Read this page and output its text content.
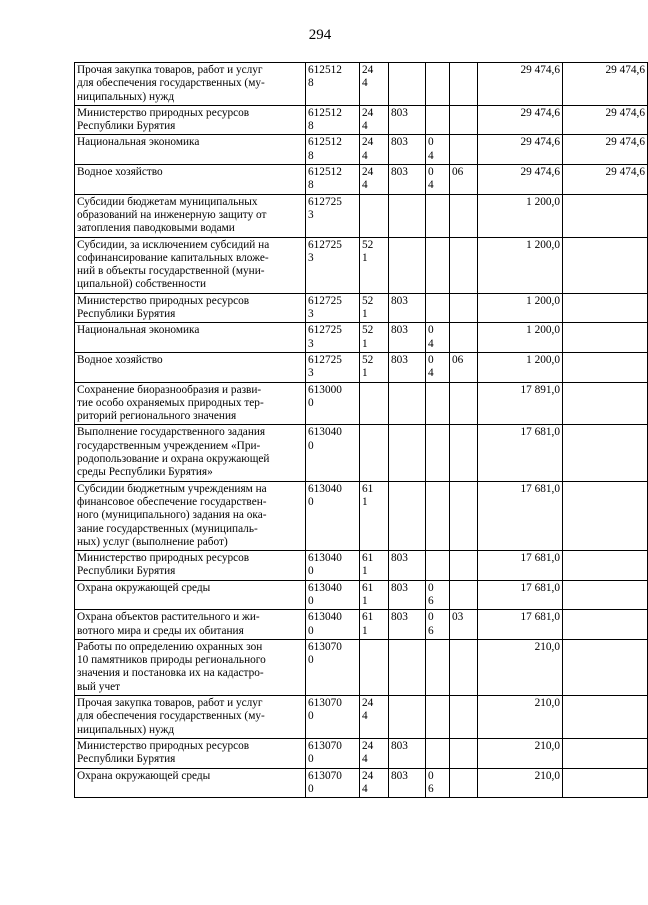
294
Прочая закупка товаров, работ и услуг
для обеспечения государственных (му-
ниципальных) нужд	612512
8	24
4				29 474,6	29 474,6

Министерство природных ресурсов
Республики Бурятия	612512
8	24
4	803			29 474,6	29 474,6

Национальная экономика	612512
8	24
4	803	0
4		29 474,6	29 474,6

Водное хозяйство	612512
8	24
4	803	0
4	06	29 474,6	29 474,6

Субсидии бюджетам муниципальных
образований на инженерную защиту от
затопления паводковыми водами	612725
3					1 200,0	

Субсидии, за исключением субсидий на
софинансирование капитальных вложе-
ний в объекты государственной (муни-
ципальной) собственности	612725
3	52
1				1 200,0	

Министерство природных ресурсов
Республики Бурятия	612725
3	52
1	803			1 200,0	

Национальная экономика	612725
3	52
1	803	0
4		1 200,0	

Водное хозяйство	612725
3	52
1	803	0
4	06	1 200,0	

Сохранение биоразнообразия и разви-
тие особо охраняемых природных тер-
риторий регионального значения	613000
0					17 891,0	

Выполнение государственного задания
государственным учреждением «При-
родопользование и охрана окружающей
среды Республики Бурятия»	613040
0					17 681,0	

Субсидии бюджетным учреждениям на
финансовое обеспечение государствен-
ного (муниципального) задания на ока-
зание государственных (муниципаль-
ных) услуг (выполнение работ)	613040
0	61
1				17 681,0	

Министерство природных ресурсов
Республики Бурятия	613040
0	61
1	803			17 681,0	

Охрана окружающей среды	613040
0	61
1	803	0
6		17 681,0	

Охрана объектов растительного и жи-
вотного мира и среды их обитания	613040
0	61
1	803	0
6	03	17 681,0	

Работы по определению охранных зон
10 памятников природы регионального
значения и постановка их на кадастро-
вый учет	613070
0					210,0	

Прочая закупка товаров, работ и услуг
для обеспечения государственных (му-
ниципальных) нужд	613070
0	24
4				210,0	

Министерство природных ресурсов
Республики Бурятия	613070
0	24
4	803			210,0	

Охрана окружающей среды	613070
0	24
4	803	0
6		210,0	
